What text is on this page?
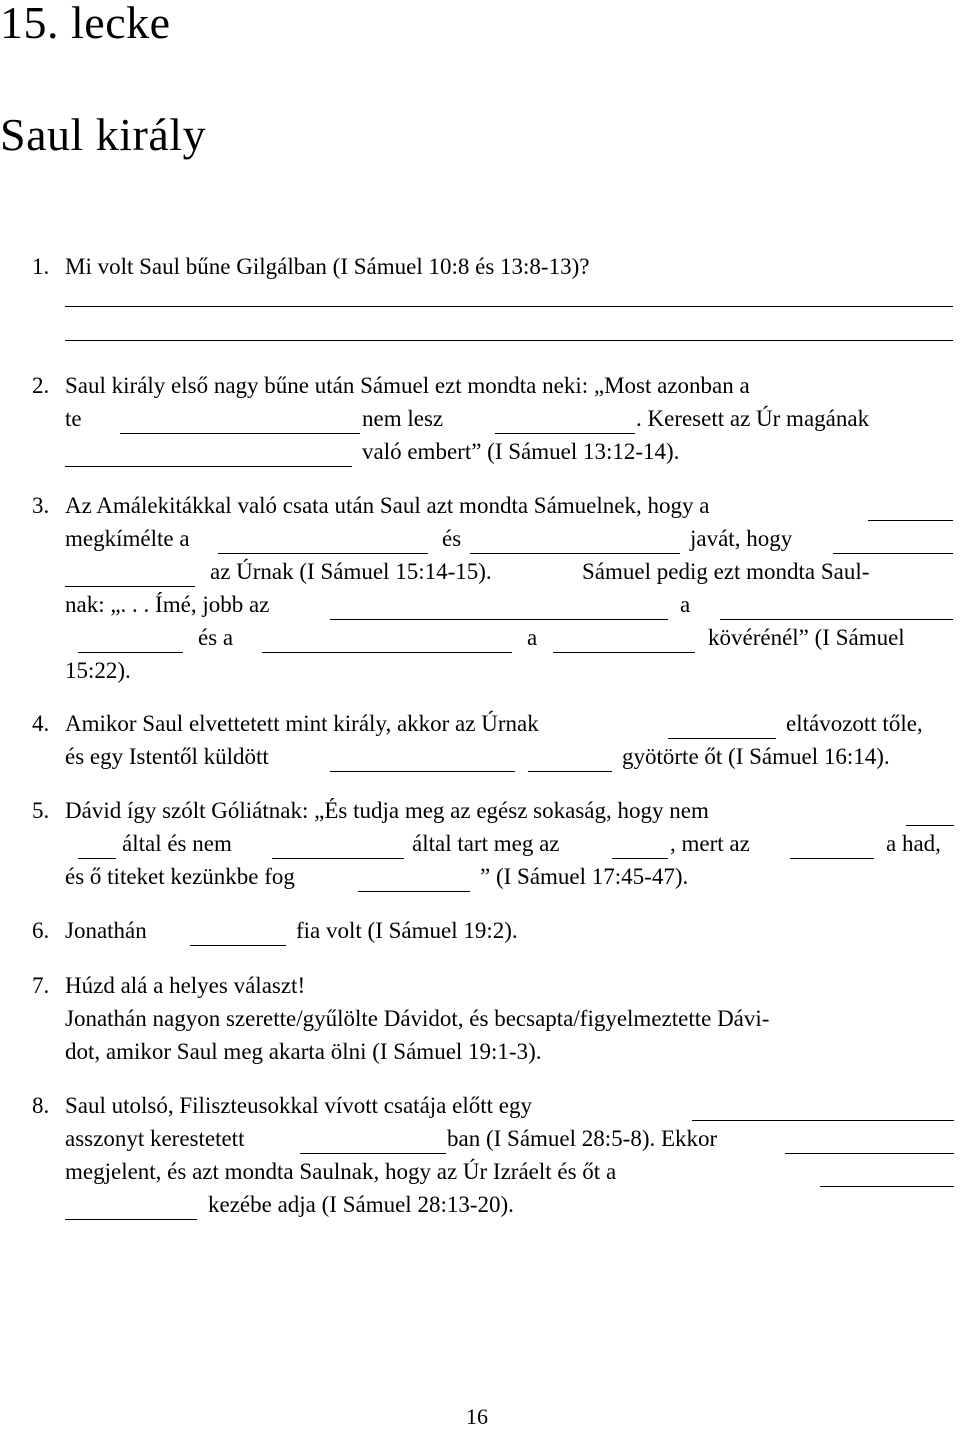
15. lecke
Saul király
1. Mi volt Saul bűne Gilgálban (I Sámuel 10:8 és 13:8-13)?
2. Saul király első nagy bűne után Sámuel ezt mondta neki: „Most azonban a
te	nem lesz	. Keresett az Úr magának
való embert” (I Sámuel 13:12-14).
3. Az Amálekitákkal való csata után Saul azt mondta Sámuelnek, hogy a
megkímélte a	és	javát, hogy
az Úrnak (I Sámuel 15:14-15).	Sámuel pedig ezt mondta Saul-
nak: „. . . Ímé, jobb az	a
és a	a	kövérénél” (I Sámuel
15:22).
4. Amikor Saul elvettetett mint király, akkor az Úrnak	eltávozott tőle,
és egy Istentől küldött	gyötörte őt (I Sámuel 16:14).
5. Dávid így szólt Góliátnak: „És tudja meg az egész sokaság, hogy nem
által és nem	által tart meg az	, mert az	a had,
és ő titeket kezünkbe fog	” (I Sámuel 17:45-47).
6. Jonathán	fia volt (I Sámuel 19:2).
7. Húzd alá a helyes választ!
Jonathán nagyon szerette/gyűlölte Dávidot, és becsapta/figyelmeztette Dávi-
dot, amikor Saul meg akarta ölni (I Sámuel 19:1-3).
8. Saul utolsó, Filiszteusokkal vívott csatája előtt egy
asszonyt kerestetett	ban (I Sámuel 28:5-8). Ekkor
megjelent, és azt mondta Saulnak, hogy az Úr Izráelt és őt a
kezébe adja (I Sámuel 28:13-20).
16
